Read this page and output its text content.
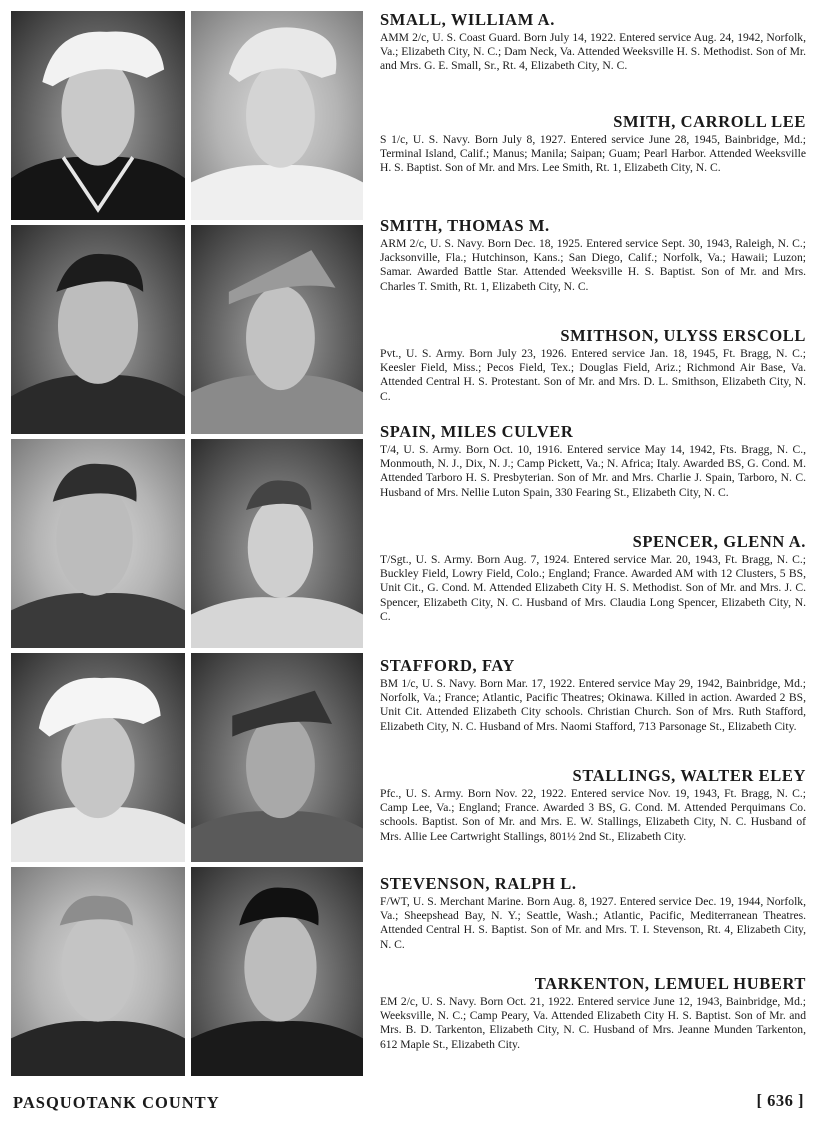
SMALL, WILLIAM A.

AMM 2/c, U. S. Coast Guard. Born July 14, 1922. Entered service Aug. 24, 1942, Norfolk, Va.; Elizabeth City, N. C.; Dam Neck, Va. Attended Weeksville H. S. Methodist. Son of Mr. and Mrs. G. E. Small, Sr., Rt. 4, Elizabeth City, N. C.

SMITH, CARROLL LEE

S 1/c, U. S. Navy. Born July 8, 1927. Entered service June 28, 1945, Bainbridge, Md.; Terminal Island, Calif.; Manus; Manila; Saipan; Guam; Pearl Harbor. Attended Weeksville H. S. Baptist. Son of Mr. and Mrs. Lee Smith, Rt. 1, Elizabeth City, N. C.

SMITH, THOMAS M.

ARM 2/c, U. S. Navy. Born Dec. 18, 1925. Entered service Sept. 30, 1943, Raleigh, N. C.; Jacksonville, Fla.; Hutchinson, Kans.; San Diego, Calif.; Norfolk, Va.; Hawaii; Luzon; Samar. Awarded Battle Star. Attended Weeksville H. S. Baptist. Son of Mr. and Mrs. Charles T. Smith, Rt. 1, Elizabeth City, N. C.

SMITHSON, ULYSS ERSCOLL

Pvt., U. S. Army. Born July 23, 1926. Entered service Jan. 18, 1945, Ft. Bragg, N. C.; Keesler Field, Miss.; Pecos Field, Tex.; Douglas Field, Ariz.; Richmond Air Base, Va. Attended Central H. S. Protestant. Son of Mr. and Mrs. D. L. Smithson, Elizabeth City, N. C.

SPAIN, MILES CULVER

T/4, U. S. Army. Born Oct. 10, 1916. Entered service May 14, 1942, Fts. Bragg, N. C., Monmouth, N. J., Dix, N. J.; Camp Pickett, Va.; N. Africa; Italy. Awarded BS, G. Cond. M. Attended Tarboro H. S. Presbyterian. Son of Mr. and Mrs. Charlie J. Spain, Tarboro, N. C. Husband of Mrs. Nellie Luton Spain, 330 Fearing St., Elizabeth City, N. C.

SPENCER, GLENN A.

T/Sgt., U. S. Army. Born Aug. 7, 1924. Entered service Mar. 20, 1943, Ft. Bragg, N. C.; Buckley Field, Lowry Field, Colo.; England; France. Awarded AM with 12 Clusters, 5 BS, Unit Cit., G. Cond. M. Attended Elizabeth City H. S. Methodist. Son of Mr. and Mrs. J. C. Spencer, Elizabeth City, N. C. Husband of Mrs. Claudia Long Spencer, Elizabeth City, N. C.

STAFFORD, FAY

BM 1/c, U. S. Navy. Born Mar. 17, 1922. Entered service May 29, 1942, Bainbridge, Md.; Norfolk, Va.; France; Atlantic, Pacific Theatres; Okinawa. Killed in action. Awarded 2 BS, Unit Cit. Attended Elizabeth City schools. Christian Church. Son of Mrs. Ruth Stafford, Elizabeth City, N. C. Husband of Mrs. Naomi Stafford, 713 Parsonage St., Elizabeth City.

STALLINGS, WALTER ELEY

Pfc., U. S. Army. Born Nov. 22, 1922. Entered service Nov. 19, 1943, Ft. Bragg, N. C.; Camp Lee, Va.; England; France. Awarded 3 BS, G. Cond. M. Attended Perquimans Co. schools. Baptist. Son of Mr. and Mrs. E. W. Stallings, Elizabeth City, N. C. Husband of Mrs. Allie Lee Cartwright Stallings, 801½ 2nd St., Elizabeth City.

STEVENSON, RALPH L.

F/WT, U. S. Merchant Marine. Born Aug. 8, 1927. Entered service Dec. 19, 1944, Norfolk, Va.; Sheepshead Bay, N. Y.; Seattle, Wash.; Atlantic, Pacific, Mediterranean Theatres. Attended Central H. S. Baptist. Son of Mr. and Mrs. T. I. Stevenson, Rt. 4, Elizabeth City, N. C.

TARKENTON, LEMUEL HUBERT

EM 2/c, U. S. Navy. Born Oct. 21, 1922. Entered service June 12, 1943, Bainbridge, Md.; Weeksville, N. C.; Camp Peary, Va. Attended Elizabeth City H. S. Baptist. Son of Mr. and Mrs. B. D. Tarkenton, Elizabeth City, N. C. Husband of Mrs. Jeanne Munden Tarkenton, 612 Maple St., Elizabeth City.

PASQUOTANK COUNTY	[ 636 ]
